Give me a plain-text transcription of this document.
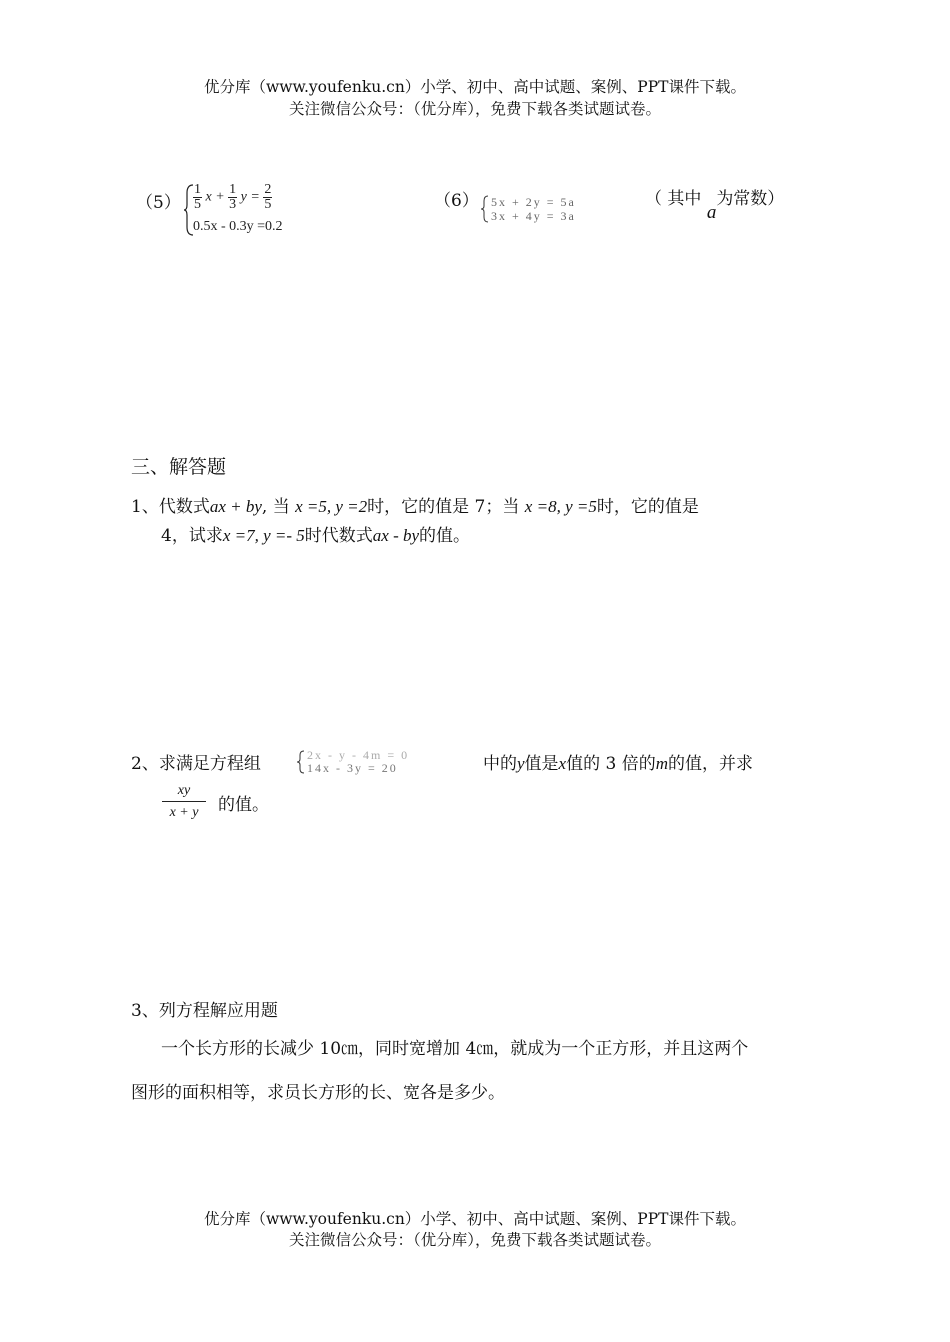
优分库（www.youfenku.cn）小学、初中、高中试题、案例、PPT课件下载。
关注微信公众号：（优分库），免费下载各类试题试卷。
$(5) \frac{1}{5}$ $x + \frac{1}{3}$ $y = \frac{2}{5}$
0.5x - 0.3y =0.2
（6） 5x + 2y = 5a
3x + 4y = 3a
（ 其中 a为常数）
三、解答题
1、代数式ax + by, 当 x =5, y =2时，它的值是 7；当 x =8, y =5时，它的值是
4，试求x =7, y =- 5时代数式ax - by的值。
2、求满足方程组	2x - y - 4m = 0
14x - 3y = 20	中的y值是x值的 3 倍的m的值，并求
$\frac{xy}{x + y}$ 的值。
3、列方程解应用题
一个长方形的长减少 10㎝，同时宽增加 4㎝，就成为一个正方形，并且这两个
图形的面积相等，求员长方形的长、宽各是多少。
优分库（www.youfenku.cn）小学、初中、高中试题、案例、PPT课件下载。
关注微信公众号：（优分库），免费下载各类试题试卷。
